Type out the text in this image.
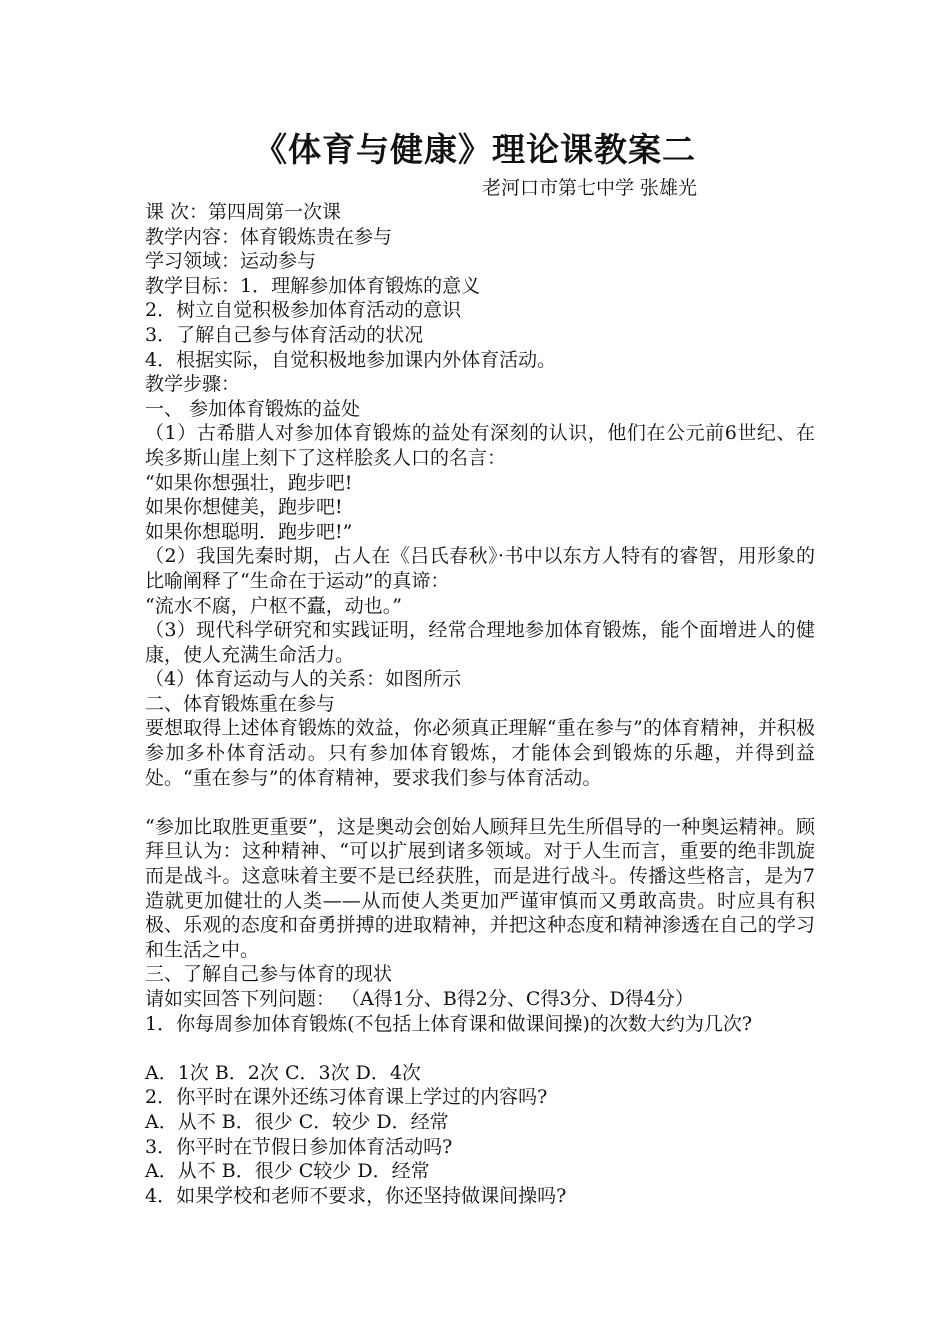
《体育与健康》理论课教案二
老河口市第七中学 张雄光
课 次：第四周第一次课
教学内容：体育锻炼贵在参与
学习领域：运动参与
教学目标：1．理解参加体育锻炼的意义
2．树立自觉积极参加体育活动的意识
3．了解自己参与体育活动的状况
4．根据实际，自觉积极地参加课内外体育活动。
教学步骤：
一、 参加体育锻炼的益处
（1）古希腊人对参加体育锻炼的益处有深刻的认识，他们在公元前6世纪、在埃多斯山崖上刻下了这样脍炙人口的名言：
“如果你想强壮，跑步吧!
如果你想健美，跑步吧!
如果你想聪明．跑步吧!”
（2）我国先秦时期，占人在《吕氏春秋》·书中以东方人特有的睿智，用形象的比喻阐释了“生命在于运动”的真谛：
“流水不腐，户枢不蠹，动也。”
（3）现代科学研究和实践证明，经常合理地参加体育锻炼，能个面增进人的健康，使人充满生命活力。
（4）体育运动与人的关系：如图所示
二、体育锻炼重在参与
要想取得上述体育锻炼的效益，你必须真正理解“重在参与”的体育精神，并积极参加多朴体育活动。只有参加体育锻炼，才能体会到锻炼的乐趣，并得到益处。“重在参与”的体育精神，要求我们参与体育活动。
“参加比取胜更重要”，这是奥动会创始人顾拜旦先生所倡导的一种奥运精神。顾拜旦认为：这种精神、“可以扩展到诸多领域。对于人生而言，重要的绝非凯旋而是战斗。这意味着主要不是已经获胜，而是进行战斗。传播这些格言，是为7造就更加健壮的人类——从而使人类更加严谨审慎而又勇敢高贵。时应具有积极、乐观的态度和奋勇拼搏的进取精神，并把这种态度和精神渗透在自己的学习和生活之中。
三、了解自己参与体育的现状
请如实回答下列问题： （A得1分、B得2分、C得3分、D得4分）
1．你每周参加体育锻炼(不包括上体育课和做课间操)的次数大约为几次?
A．1次 B．2次 C．3次 D．4次
2．你平时在课外还练习体育课上学过的内容吗?
A．从不 B．很少 C．较少 D．经常
3．你平时在节假日参加体育活动吗?
A．从不 B．很少 C较少 D．经常
4．如果学校和老师不要求，你还坚持做课间操吗?
